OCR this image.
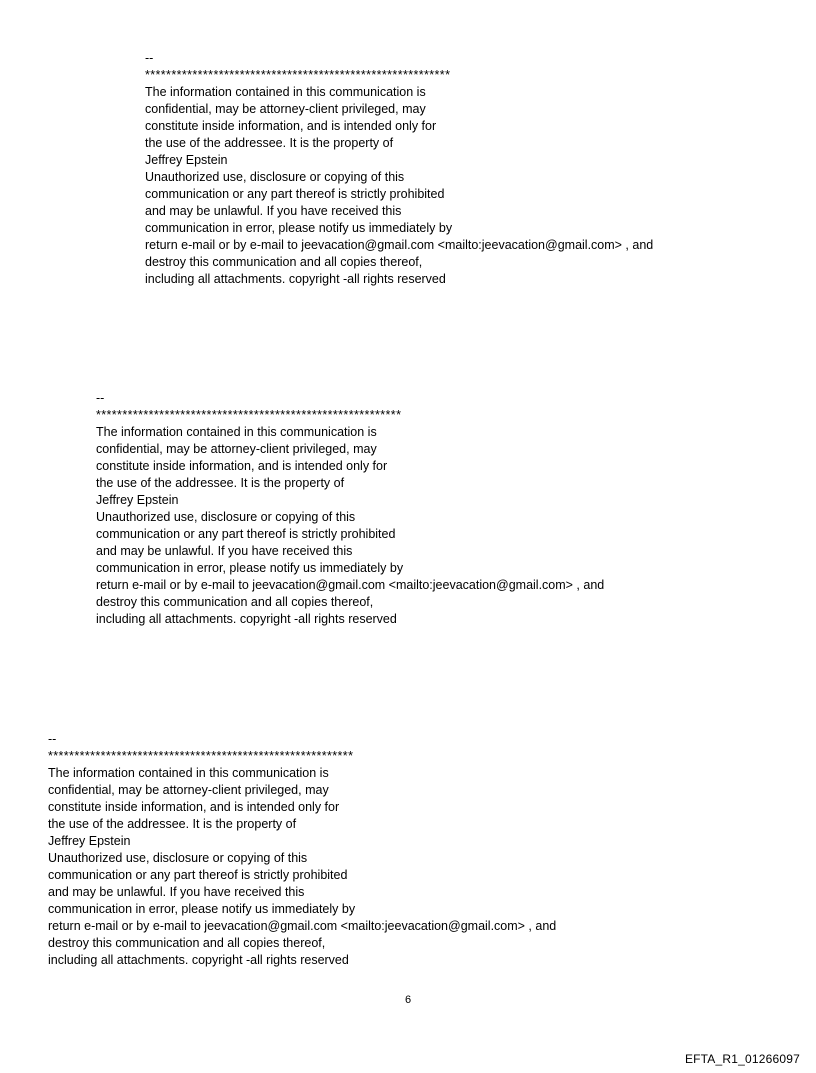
--
**********************************************************
The information contained in this communication is
confidential, may be attorney-client privileged, may
constitute inside information, and is intended only for
the use of the addressee. It is the property of
Jeffrey Epstein
Unauthorized use, disclosure or copying of this
communication or any part thereof is strictly prohibited
and may be unlawful. If you have received this
communication in error, please notify us immediately by
return e-mail or by e-mail to jeevacation@gmail.com <mailto:jeevacation@gmail.com> , and
destroy this communication and all copies thereof,
including all attachments. copyright -all rights reserved
--
**********************************************************
The information contained in this communication is
confidential, may be attorney-client privileged, may
constitute inside information, and is intended only for
the use of the addressee. It is the property of
Jeffrey Epstein
Unauthorized use, disclosure or copying of this
communication or any part thereof is strictly prohibited
and may be unlawful. If you have received this
communication in error, please notify us immediately by
return e-mail or by e-mail to jeevacation@gmail.com <mailto:jeevacation@gmail.com> , and
destroy this communication and all copies thereof,
including all attachments. copyright -all rights reserved
--
**********************************************************
The information contained in this communication is
confidential, may be attorney-client privileged, may
constitute inside information, and is intended only for
the use of the addressee. It is the property of
Jeffrey Epstein
Unauthorized use, disclosure or copying of this
communication or any part thereof is strictly prohibited
and may be unlawful. If you have received this
communication in error, please notify us immediately by
return e-mail or by e-mail to jeevacation@gmail.com <mailto:jeevacation@gmail.com> , and
destroy this communication and all copies thereof,
including all attachments. copyright -all rights reserved
6
EFTA_R1_01266097
